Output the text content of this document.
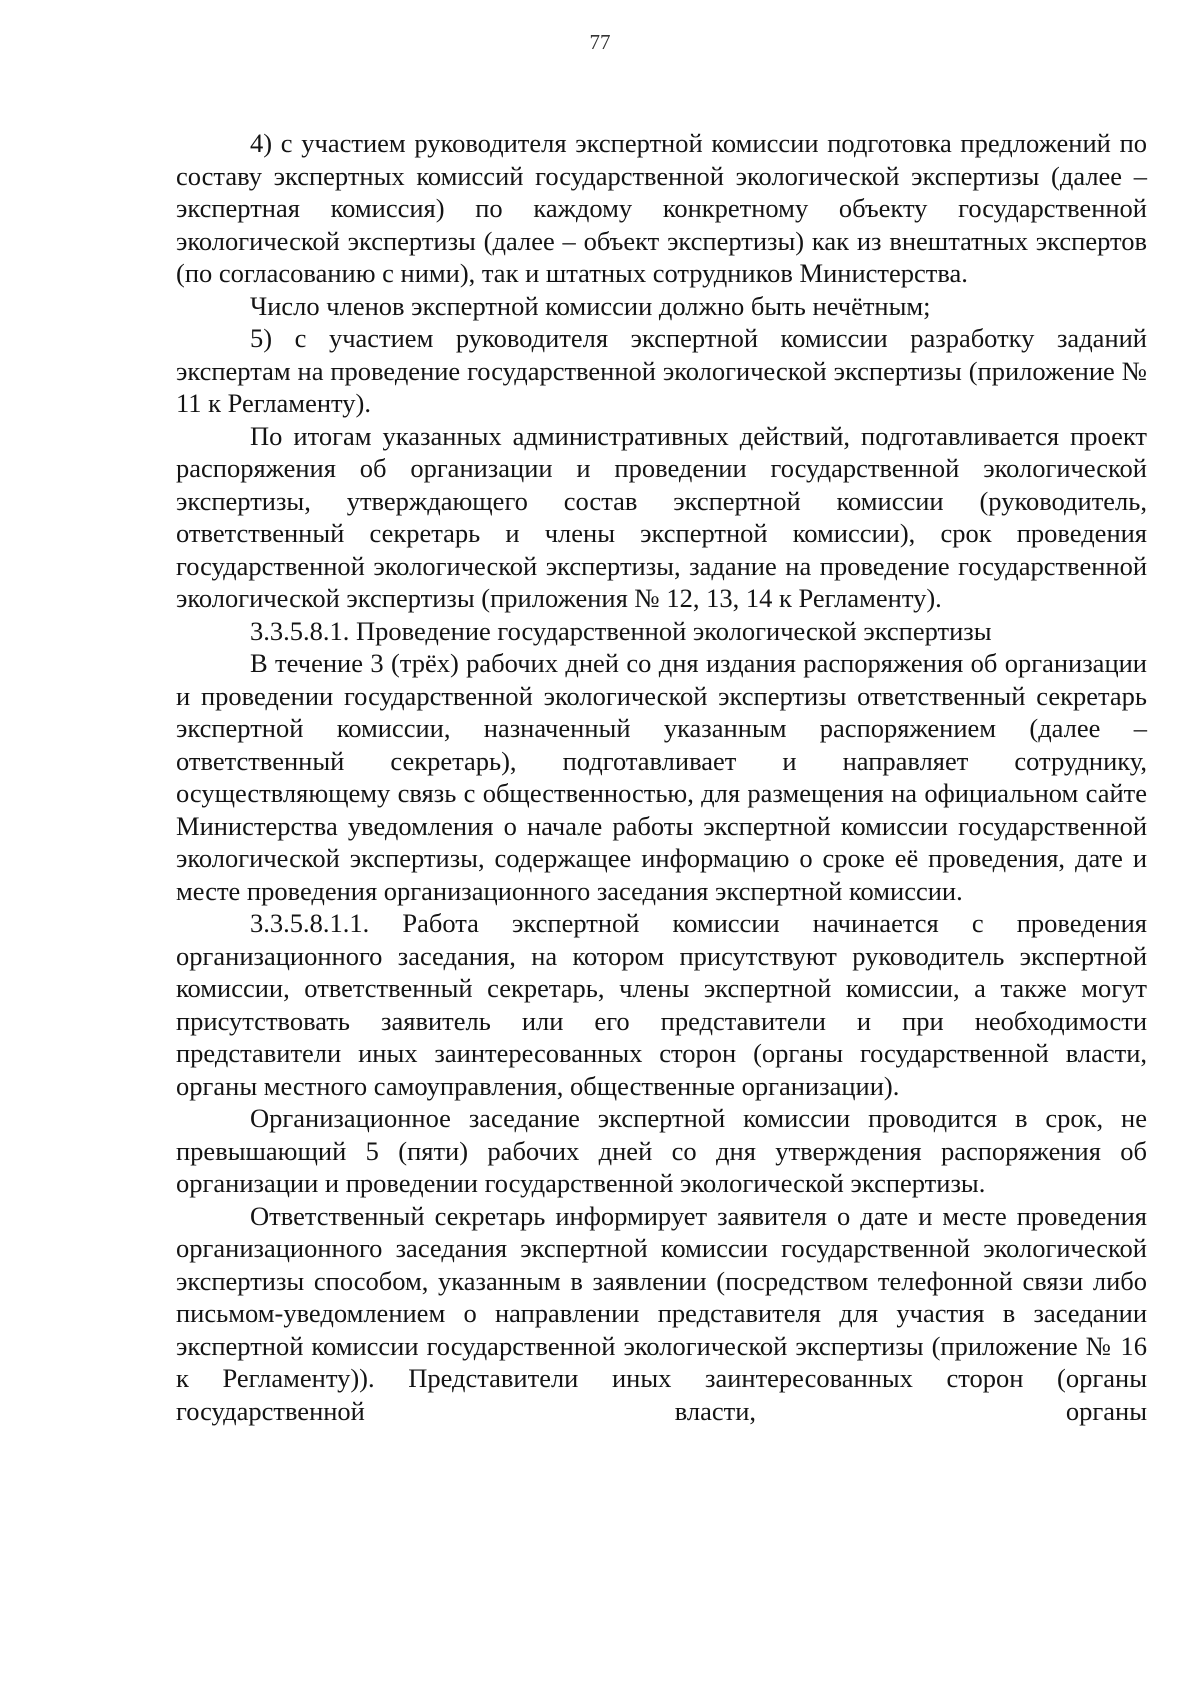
77

4) с участием руководителя экспертной комиссии подготовка предложений по составу экспертных комиссий государственной экологической экспертизы (далее – экспертная комиссия) по каждому конкретному объекту государственной экологической экспертизы (далее – объект экспертизы) как из внештатных экспертов (по согласованию с ними), так и штатных сотрудников Министерства.

Число членов экспертной комиссии должно быть нечётным;

5) с участием руководителя экспертной комиссии разработку заданий экспертам на проведение государственной экологической экспертизы (приложение № 11 к Регламенту).

По итогам указанных административных действий, подготавливается проект распоряжения об организации и проведении государственной экологической экспертизы, утверждающего состав экспертной комиссии (руководитель, ответственный секретарь и члены экспертной комиссии), срок проведения государственной экологической экспертизы, задание на проведение государственной экологической экспертизы (приложения № 12, 13, 14 к Регламенту).

3.3.5.8.1. Проведение государственной экологической экспертизы

В течение 3 (трёх) рабочих дней со дня издания распоряжения об организации и проведении государственной экологической экспертизы ответственный секретарь экспертной комиссии, назначенный указанным распоряжением (далее – ответственный секретарь), подготавливает и направляет сотруднику, осуществляющему связь с общественностью, для размещения на официальном сайте Министерства уведомления о начале работы экспертной комиссии государственной экологической экспертизы, содержащее информацию о сроке её проведения, дате и месте проведения организационного заседания экспертной комиссии.

3.3.5.8.1.1. Работа экспертной комиссии начинается с проведения организационного заседания, на котором присутствуют руководитель экспертной комиссии, ответственный секретарь, члены экспертной комиссии, а также могут присутствовать заявитель или его представители и при необходимости представители иных заинтересованных сторон (органы государственной власти, органы местного самоуправления, общественные организации).

Организационное заседание экспертной комиссии проводится в срок, не превышающий 5 (пяти) рабочих дней со дня утверждения распоряжения об организации и проведении государственной экологической экспертизы.

Ответственный секретарь информирует заявителя о дате и месте проведения организационного заседания экспертной комиссии государственной экологической экспертизы способом, указанным в заявлении (посредством телефонной связи либо письмом-уведомлением о направлении представителя для участия в заседании экспертной комиссии государственной экологической экспертизы (приложение № 16 к Регламенту)). Представители иных заинтересованных сторон (органы государственной власти, органы
